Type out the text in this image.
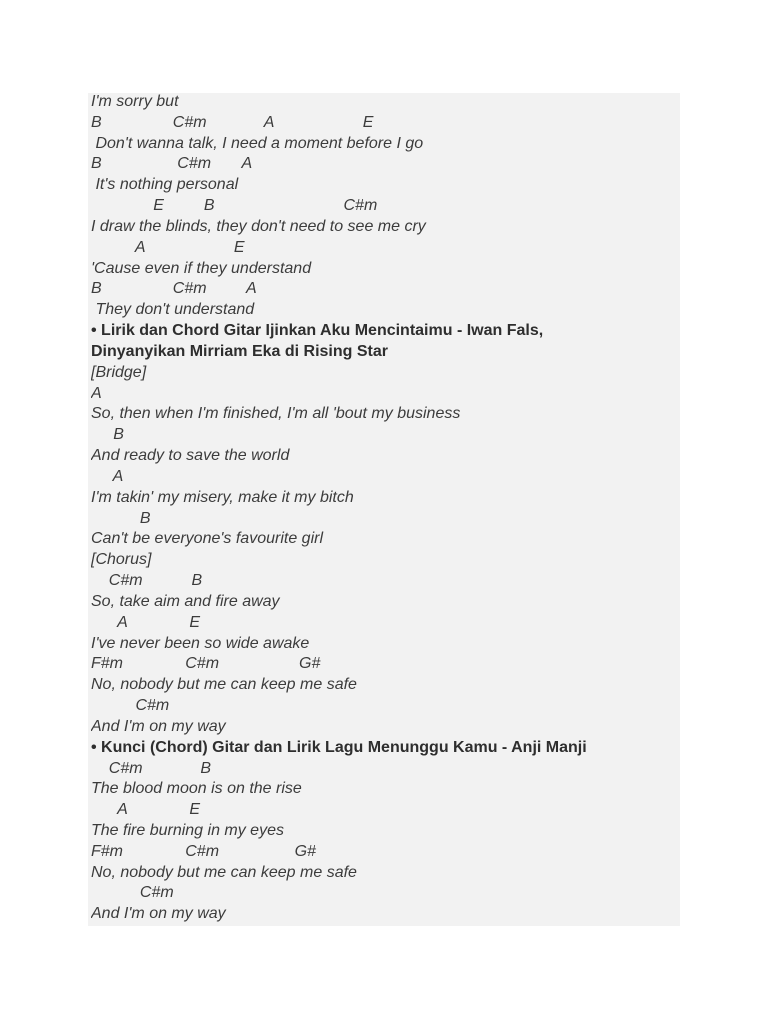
I'm sorry but
B                C#m             A                    E
Don't wanna talk, I need a moment before I go
B                 C#m       A
It's nothing personal
E         B                             C#m
I draw the blinds, they don't need to see me cry
A                    E
'Cause even if they understand
B                C#m         A
They don't understand
• Lirik dan Chord Gitar Ijinkan Aku Mencintaimu - Iwan Fals,
Dinyanyikan Mirriam Eka di Rising Star
[Bridge]
A
So, then when I'm finished, I'm all 'bout my business
B
And ready to save the world
A
I'm takin' my misery, make it my bitch
B
Can't be everyone's favourite girl
[Chorus]
C#m           B
So, take aim and fire away
A              E
I've never been so wide awake
F#m              C#m                  G#
No, nobody but me can keep me safe
C#m
And I'm on my way
• Kunci (Chord) Gitar dan Lirik Lagu Menunggu Kamu - Anji Manji
C#m             B
The blood moon is on the rise
A              E
The fire burning in my eyes
F#m              C#m                 G#
No, nobody but me can keep me safe
C#m
And I'm on my way
